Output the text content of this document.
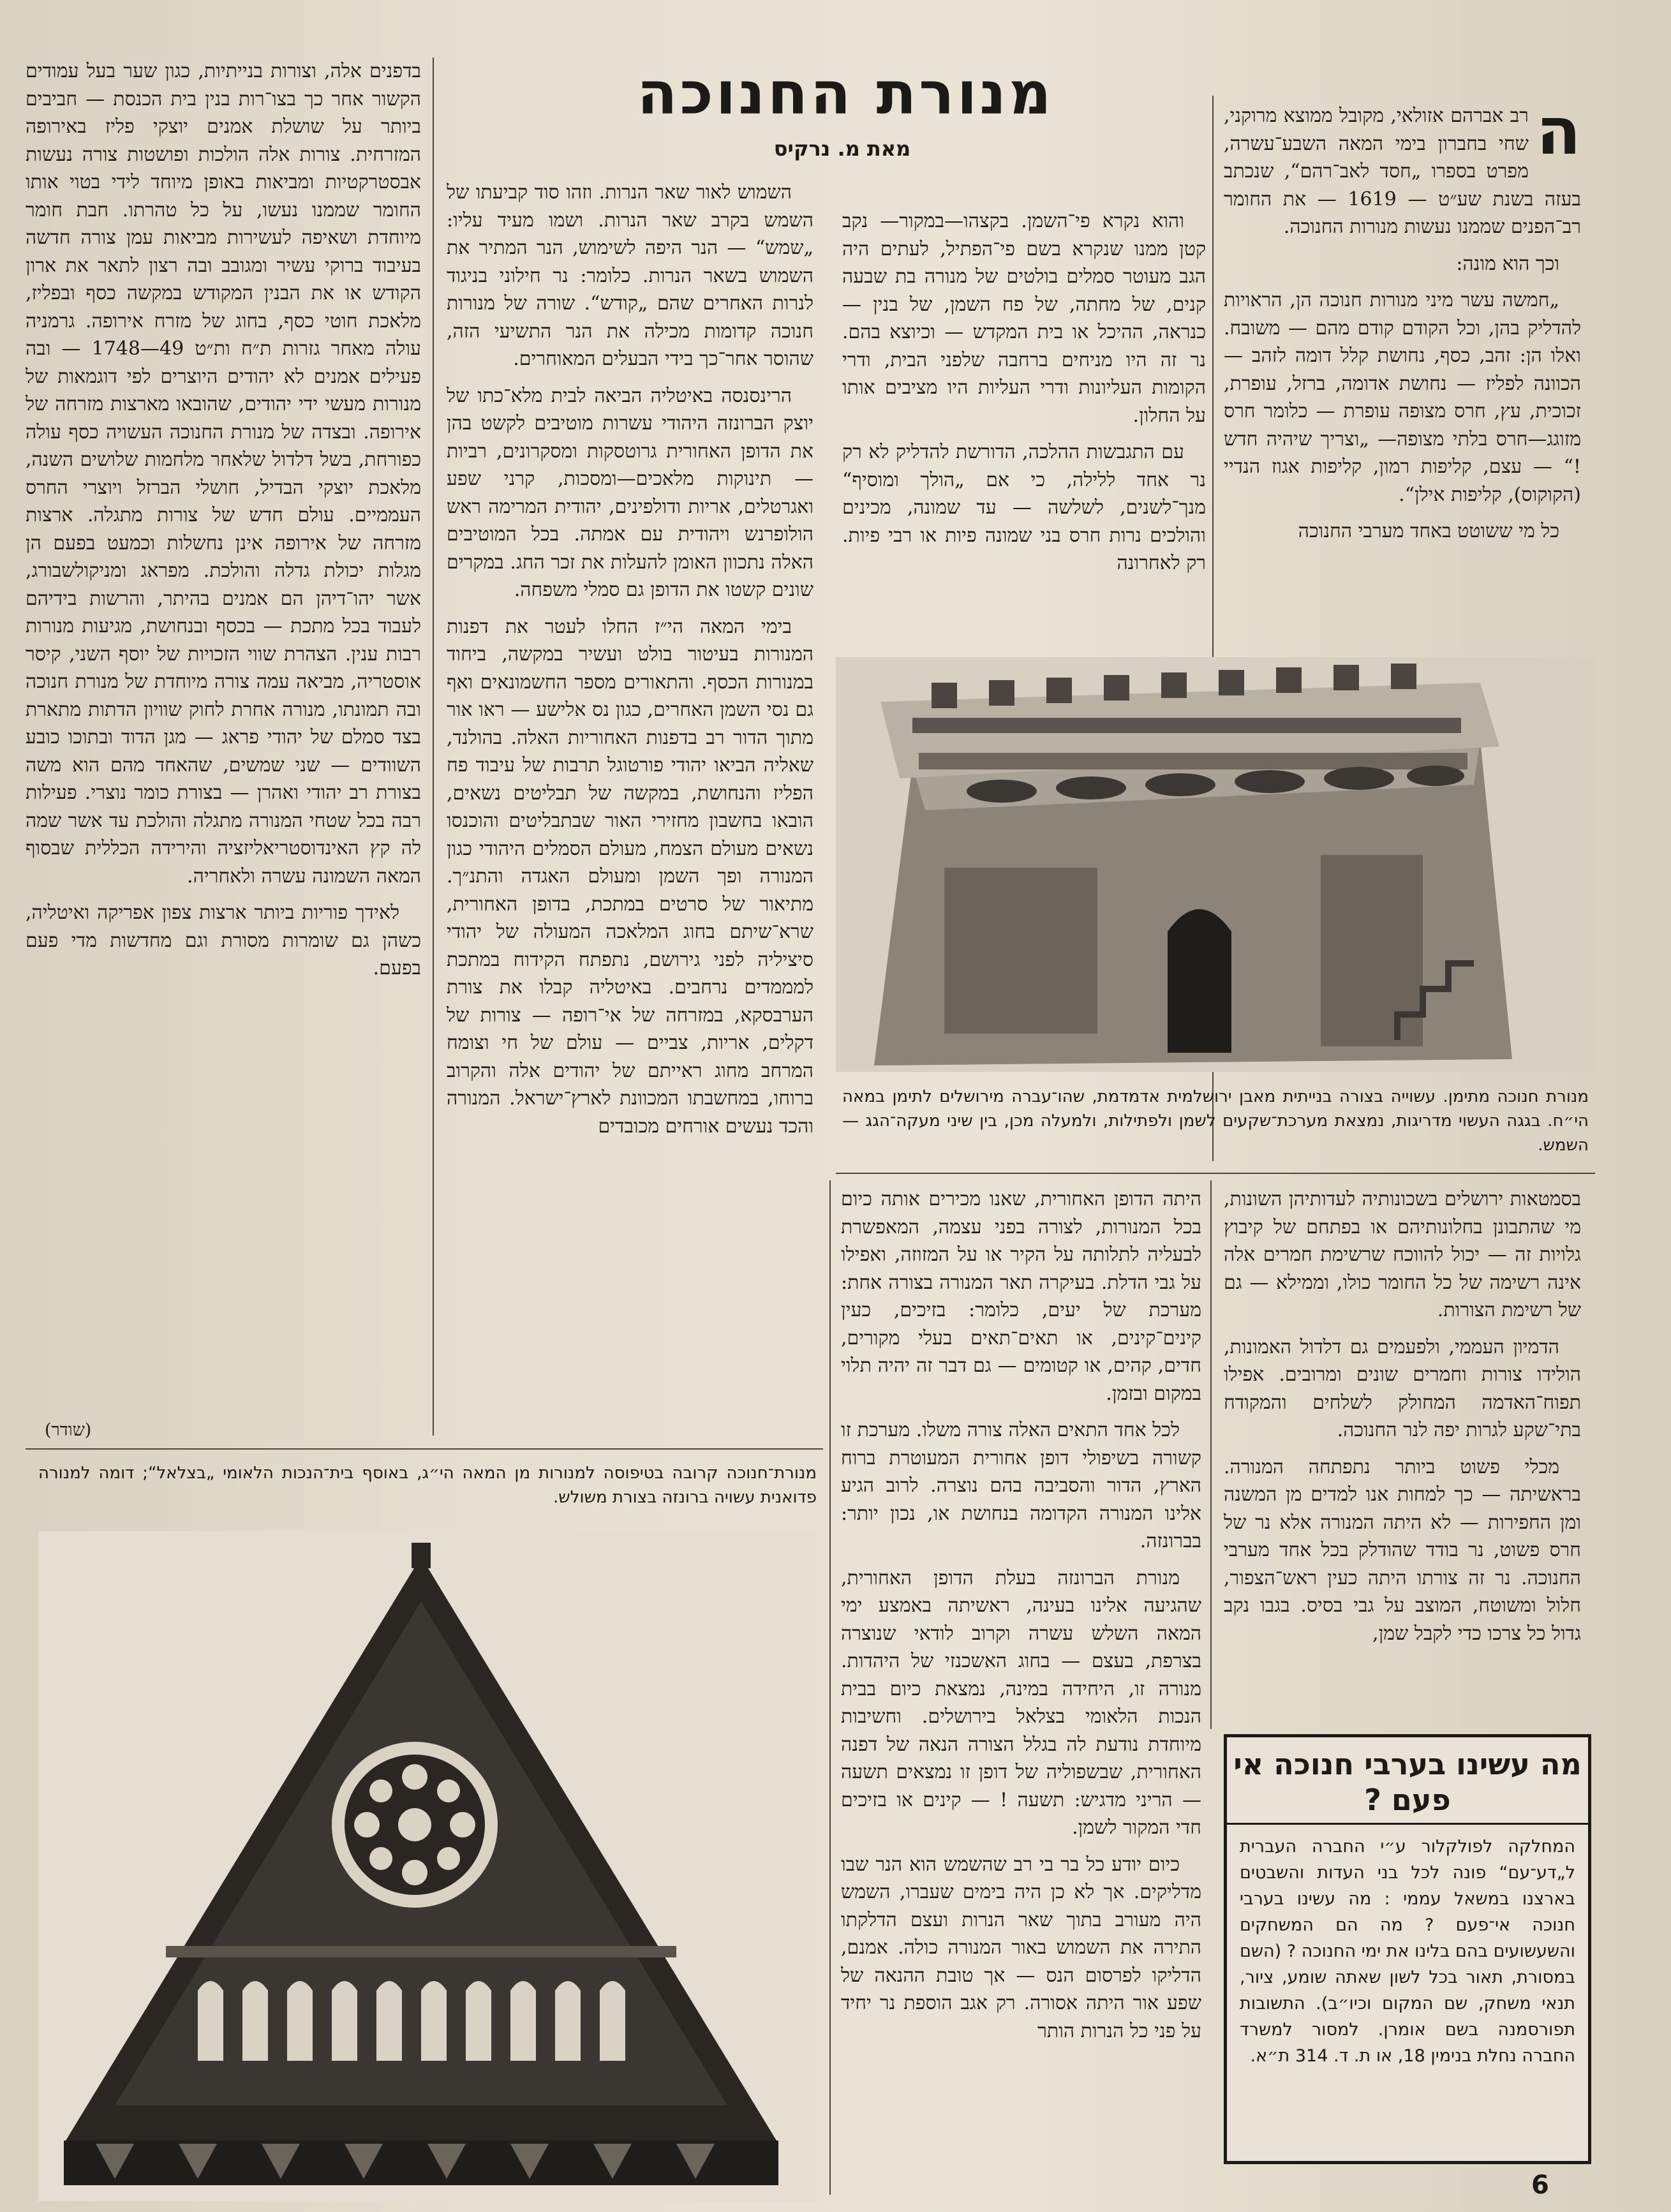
מנורת החנוכה
מאת מ. נרקיס	ה
רב אברהם אזולאי, מקובל ממוצא מרוקני, שחי בחברון בימי המאה השבע־עשרה, מפרט בספרו „חסד לאב־רהם“, שנכתב בעזה בשנת שע״ט — 1619 — את החומר רב־הפנים שממנו נעשות מנורות החנוכה.

וכך הוא מונה:

„חמשה עשר מיני מנורות חנוכה הן, הראויות להדליק בהן, וכל הקודם קודם מהם — משובח. ואלו הן: זהב, כסף, נחושת קלל דומה לזהב — הכוונה לפליז — נחושת אדומה, ברזל, עופרת, זכוכית, עץ, חרס מצופה עופרת — כלומר חרס מזוגג—חרס בלתי מצופה— „וצריך שיהיה חדש !“ — עצם, קליפות רמון, קליפות אגוז הנדיי (הקוקוס), קליפות אילן“.

כל מי ששוטט באחד מערבי החנוכה

והוא נקרא פי־השמן. בקצהו—במקור— נקב קטן ממנו שנקרא בשם פי־הפתיל, לעתים היה הגב מעוטר סמלים בולטים של מנורה בת שבעה קנים, של מחתה, של פח השמן, של בנין — כנראה, ההיכל או בית המקדש — וכיוצא בהם. נר זה היו מניחים ברחבה שלפני הבית, ודרי הקומות העליונות ודרי העליות היו מציבים אותו על החלון.

עם התגבשות ההלכה, הדורשת להדליק לא רק נר אחד ללילה, כי אם „הולך ומוסיף“ מנך־לשנים, לשלשה — עד שמונה, מכינים והולכים נרות חרס בני שמונה פיות או רבי פיות. רק לאחרונה

השמוש לאור שאר הנרות. וזהו סוד קביעתו של השמש בקרב שאר הנרות. ושמו מעיד עליו: „שמש“ — הנר היפה לשימוש, הנר המתיר את השמוש בשאר הנרות. כלומר: נר חילוני בניגוד לנרות האחרים שהם „קודש“. שורה של מנורות חנוכה קדומות מכילה את הנר התשיעי הזה, שהוסר אחר־כך בידי הבעלים המאוחרים.

הרינסנסה באיטליה הביאה לבית מלא־כתו של יוצק הברונזה היהודי עשרות מוטיבים לקשט בהן את הדופן האחורית גרוטסקות ומסקרונים, רביות — תינוקות מלאכים—ומסכות, קרני שפע ואגרטלים, אריות ודולפינים, יהודית המרימה ראש הולופרנש ויהודית עם אמתה. בכל המוטיבים האלה נתכוון האומן להעלות את זכר החג. במקרים שונים קשטו את הדופן גם סמלי משפחה.

בימי המאה הי״ז החלו לעטר את דפנות המנורות בעיטור בולט ועשיר במקשה, ביחוד במנורות הכסף. והתאורים מספר החשמונאים ואף גם נסי השמן האחרים, כגון נס אלישע — ראו אור מתוך הדור רב בדפנות האחוריות האלה. בהולנד, שאליה הביאו יהודי פורטוגל תרבות של עיבוד פח הפליז והנחושת, במקשה של תבליטים נשאים, הובאו בחשבון מחזירי האור שבתבליטים והוכנסו נשאים מעולם הצמח, מעולם הסמלים היהודי כגון המנורה ופך השמן ומעולם האגדה והתנ״ך. מתיאור של סרטים במתכת, בדופן האחורית, שרא־שיתם בחוג המלאכה המעולה של יהודי סיציליה לפני גירושם, נתפתח הקידוח במתכת למממדים נרחבים. באיטליה קבלו את צורת הערבסקא, במזרחה של אי־רופה — צורות של דקלים, אריות, צביים — עולם של חי וצומח המרחב מחוג ראייתם של יהודים אלה והקרוב ברוחו, במחשבתו המכוונת לארץ־ישראל. המנורה והכד נעשים אורחים מכובדים

בדפנים אלה, וצורות בנייתיות, כגון שער בעל עמודים הקשור אחר כך בצו־רות בנין בית הכנסת — חביבים ביותר על שושלת אמנים יוצקי פליז באירופה המזרחית. צורות אלה הולכות ופושטות צורה נעשות אבסטרקטיות ומביאות באופן מיוחד לידי בטוי אותו החומר שממנו נעשו, על כל טהרתו. חבת חומר מיוחדת ושאיפה לעשירות מביאות עמן צורה חדשה בעיבוד ברוקי עשיר ומגובב ובה רצון לתאר את ארון הקודש או את הבנין המקודש במקשה כסף ובפליז, מלאכת חוטי כסף, בחוג של מזרח אירופה. גרמניה עולה מאחר גזרות ת״ח ות״ט 49—1748 — ובה פעילים אמנים לא יהודים היוצרים לפי דוגמאות של מנורות מעשי ידי יהודים, שהובאו מארצות מזרחה של אירופה. ובצדה של מנורת החנוכה העשויה כסף עולה כפורחת, בשל דלדול שלאחר מלחמות שלושים השנה, מלאכת יוצקי הבדיל, חושלי הברזל ויוצרי החרס העממיים. עולם חדש של צורות מתגלה. ארצות מזרחה של אירופה אינן נחשלות וכמעט בפעם הן מגלות יכולת גדלה והולכת. מפראג ומניקולשבורג, אשר יהו־דיהן הם אמנים בהיתר, והרשות בידיהם לעבוד בכל מתכת — בכסף ובנחושת, מגיעות מנורות רבות ענין. הצהרת שווי הזכויות של יוסף השני, קיסר אוסטריה, מביאה עמה צורה מיוחדת של מנורת חנוכה ובה תמונתו, מנורה אחרת לחוק שוויון הדתות מתארת בצד סמלם של יהודי פראג — מגן הדוד ובתוכו כובע השוודים — שני שמשים, שהאחד מהם הוא משה בצורת רב יהודי ואהרן — בצורת כומר נוצרי. פעילות רבה בכל שטחי המנורה מתגלה והולכת עד אשר שמה לה קץ האינדוסטריאליזציה והירידה הכללית שבסוף המאה השמונה עשרה ולאחריה.

לאידך פוריות ביותר ארצות צפון אפריקה ואיטליה, כשהן גם שומרות מסורת וגם מחדשות מדי פעם בפעם.

(שודר)
מנורת חנוכה מתימן. עשוייה בצורה בנייתית מאבן ירושלמית אדמדמת, שהו־עברה מירושלים לתימן במאה הי״ח. בגגה העשוי מדריגות, נמצאת מערכת־שקעים לשמן ולפתילות, ולמעלה מכן, בין שיני מעקה־הגג — השמש.

בסמטאות ירושלים בשכונותיה לעדותיהן השונות, מי שהתבונן בחלונותיהם או בפתחם של קיבוץ גלויות זה — יכול להווכח שרשימת חמרים אלה אינה רשימה של כל החומר כולו, וממילא — גם של רשימת הצורות.

הדמיון העממי, ולפעמים גם דלדול האמונות, הולידו צורות וחמרים שונים ומרובים. אפילו תפוח־האדמה המחולק לשלחים והמקודח בתי־שקע לגרות יפה לנר החנוכה.

מכלי פשוט ביותר נתפתחה המנורה. בראשיתה — כך למחות אנו למדים מן המשנה ומן החפירות — לא היתה המנורה אלא נר של חרס פשוט, נר בודד שהודלק בכל אחד מערבי החנוכה. נר זה צורתו היתה כעין ראש־הצפור, חלול ומשוטח, המוצב על גבי בסיס. בגבו נקב גדול כל צרכו כדי לקבל שמן,

היתה הדופן האחורית, שאנו מכירים אותה כיום בכל המנורות, לצורה בפני עצמה, המאפשרת לבעליה לתלותה על הקיר או על המזוזה, ואפילו על גבי הדלת. בעיקרה תאר המנורה בצורה אחת: מערכת של יעים, כלומר: בזיכים, כעין קינים־קינים, או תאים־תאים בעלי מקורים, חדים, קהים, או קטומים — גם דבר זה יהיה תלוי במקום ובזמן.

לכל אחד התאים האלה צורה משלו. מערכת זו קשורה בשיפולי דופן אחורית המעוטרת ברוח הארץ, הדור והסביבה בהם נוצרה. לרוב הגיע אלינו המנורה הקדומה בנחושת או, נכון יותר: בברונזה.

מנורת הברונזה בעלת הדופן האחורית, שהגיעה אלינו בעינה, ראשיתה באמצע ימי המאה השלש עשרה וקרוב לודאי שנוצרה בצרפת, בעצם — בחוג האשכנזי של היהדות. מנורה זו, היחידה במינה, נמצאת כיום בבית הנכות הלאומי בצלאל בירושלים. וחשיבות מיוחדת נודעת לה בגלל הצורה הנאה של דפנה האחורית, שבשפוליה של דופן זו נמצאים תשעה— הריני מדגיש: תשעה ! — קינים או בזיכים חדי המקור לשמן.

כיום יודע כל בר בי רב שהשמש הוא הנר שבו מדליקים. אך לא כן היה בימים שעברו, השמש היה מעורב בתוך שאר הנרות ועצם הדלקתו התירה את השמוש באור המנורה כולה. אמנם, הדליקו לפרסום הנס — אך טובת ההנאה של שפע אור היתה אסורה. רק אגב הוספת נר יחיד על פני כל הנרות הותר

מנורת־חנוכה קרובה בטיפוסה למנורות מן המאה הי״ג, באוסף בית־הנכות הלאומי „בצלאל“; דומה למנורה פדואנית עשויה ברונזה בצורת משולש.
מה עשינו בערבי חנוכה אי פעם ?
המחלקה לפולקלור ע״י החברה העברית ל„דע־עם“ פונה לכל בני העדות והשבטים בארצנו במשאל עממי : מה עשינו בערבי חנוכה אי־פעם ? מה הם המשחקים והשעשועים בהם בלינו את ימי החנוכה ? (השם במסורת, תאור בכל לשון שאתה שומע, ציור, תנאי משחק, שם המקום וכיו״ב). התשובות תפורסמנה בשם אומרן. למסור למשרד החברה נחלת בנימין 18, או ת. ד. 314 ת״א.
6
